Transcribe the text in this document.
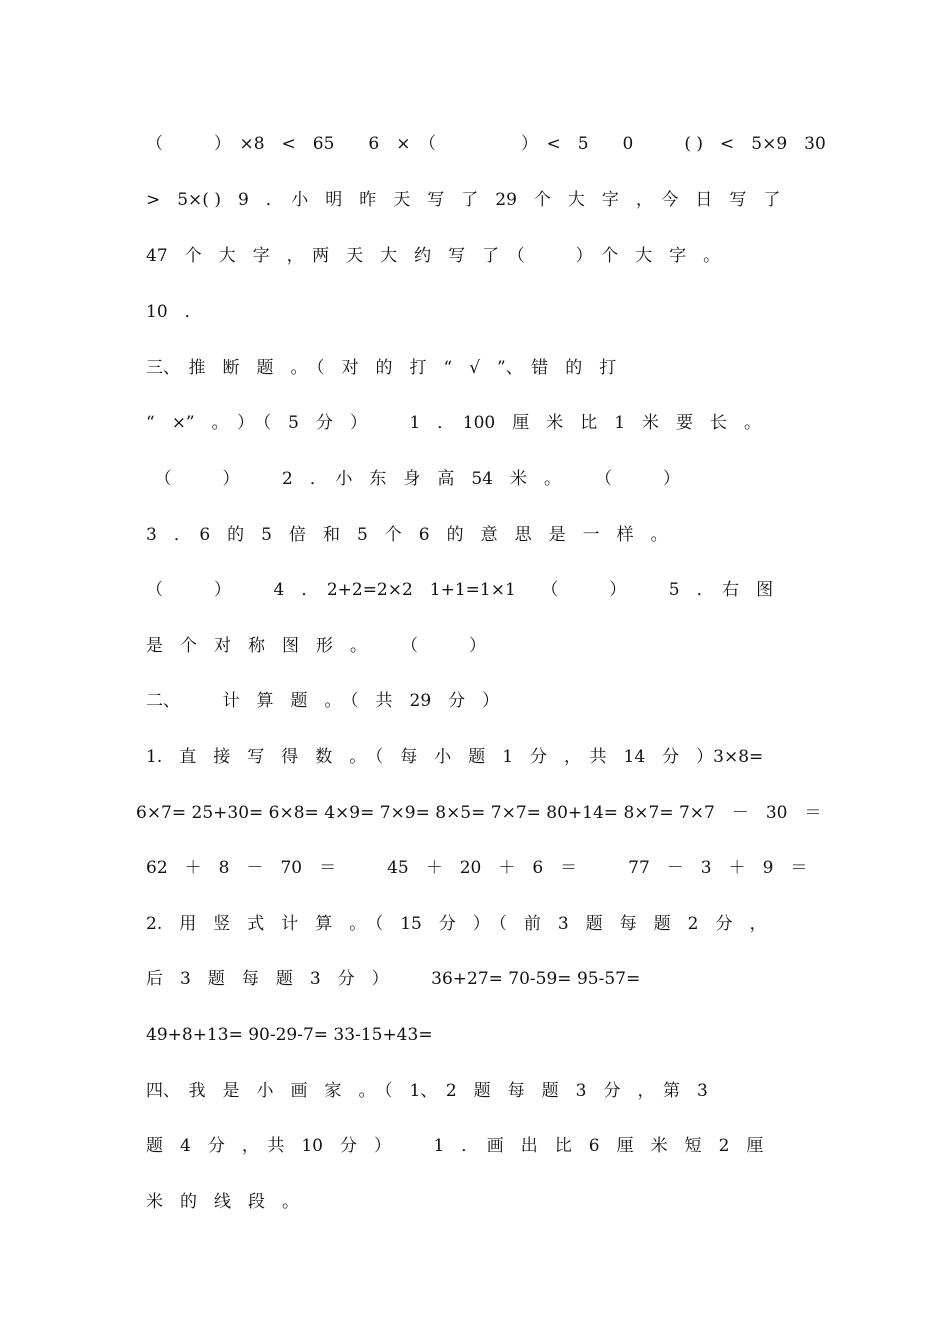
（　　　）　×8　<　65　　6　×　（　　　　　）　<　5　　0　　　( )　<　5×9　30
>　5×( )　9　．　小　明　昨　天　写　了　29　个　大　字　，　今　日　写　了
47　个　大　字　，　两　天　大　约　写　了　（　　　）　个　大　字　。
10　．
三、　推　断　题　。　（　对　的　打　“　√　”、　错　的　打
“　×”　。　）　（　5　分　）　　　1　．　100　厘　米　比　1　米　要　长　。
　（　　　）　　　2　．　小　东　身　高　54　米　。　　　（　　　）
3　．　6　的　5　倍　和　5　个　6　的　意　思　是　一　样　。
（　　　）　　　4　．　2+2=2×2　1+1=1×1　　（　　　）　　　5　．　右　图
是　个　对　称　图　形　。　　　（　　　）
二、　　　计　算　题　。　（　共　29　分　）
1.　直　接　写　得　数　。　（　每　小　题　1　分　，　共　14　分　）3×8=
6×7= 25+30= 6×8= 4×9= 7×9= 8×5= 7×7= 80+14= 8×7= 7×7　－　30　＝
62　＋　8　－　70　＝　　　45　＋　20　＋　6　＝　　　77　－　3　＋　9　＝
2.　用　竖　式　计　算　。　（　15　分　）　（　前　3　题　每　题　2　分　，
后　3　题　每　题　3　分　）　　　36+27= 70-59= 95-57=
49+8+13= 90-29-7= 33-15+43=
四、　我　是　小　画　家　。　（　1、　2　题　每　题　3　分　，　第　3
题　4　分　，　共　10　分　）　　　1　．　画　出　比　6　厘　米　短　2　厘
米　的　线　段　。
